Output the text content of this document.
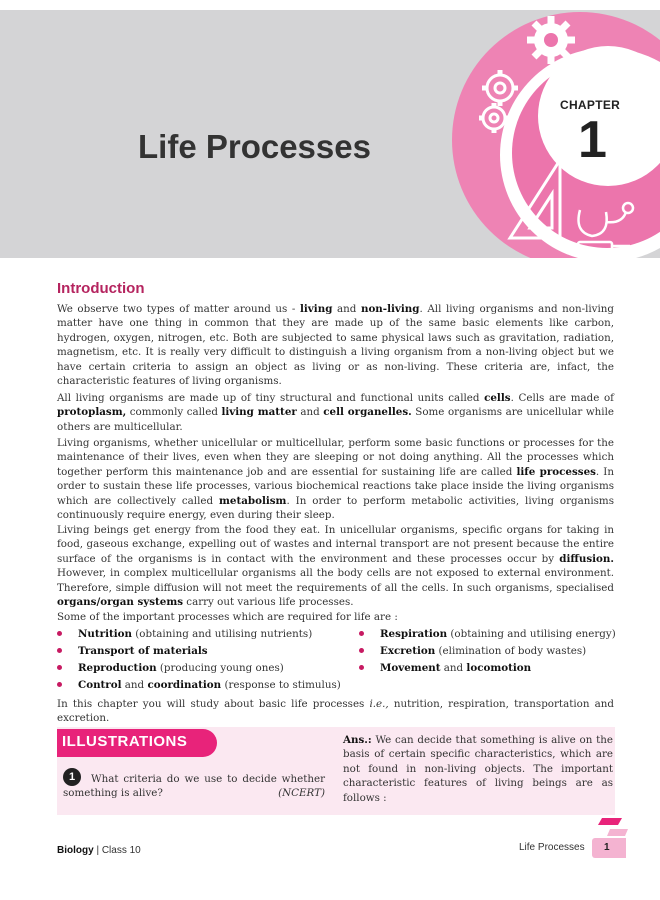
CHAPTER
1
Life Processes
Introduction
We observe two types of matter around us - living and non-living. All living organisms and non-living matter have one thing in common that they are made up of the same basic elements like carbon, hydrogen, oxygen, nitrogen, etc. Both are subjected to same physical laws such as gravitation, radiation, magnetism, etc. It is really very difficult to distinguish a living organism from a non-living object but we have certain criteria to assign an object as living or as non-living. These criteria are, infact, the characteristic features of living organisms.
All living organisms are made up of tiny structural and functional units called cells. Cells are made of protoplasm, commonly called living matter and cell organelles. Some organisms are unicellular while others are multicellular.
Living organisms, whether unicellular or multicellular, perform some basic functions or processes for the maintenance of their lives, even when they are sleeping or not doing anything. All the processes which together perform this maintenance job and are essential for sustaining life are called life processes. In order to sustain these life processes, various biochemical reactions take place inside the living organisms which are collectively called metabolism. In order to perform metabolic activities, living organisms continuously require energy, even during their sleep.
Living beings get energy from the food they eat. In unicellular organisms, specific organs for taking in food, gaseous exchange, expelling out of wastes and internal transport are not present because the entire surface of the organisms is in contact with the environment and these processes occur by diffusion. However, in complex multicellular organisms all the body cells are not exposed to external environment. Therefore, simple diffusion will not meet the requirements of all the cells. In such organisms, specialised organs/organ systems carry out various life processes.
Some of the important processes which are required for life are :
Nutrition (obtaining and utilising nutrients)	Respiration (obtaining and utilising energy)
Transport of materials	Excretion (elimination of body wastes)
Reproduction (producing young ones)	Movement and locomotion
Control and coordination (response to stimulus)
In this chapter you will study about basic life processes i.e., nutrition, respiration, transportation and excretion.
ILLUSTRATIONS
1	What criteria do we use to decide whether something is alive?	(NCERT)
Ans.: We can decide that something is alive on the basis of certain specific characteristics, which are not found in non-living objects. The important characteristic features of living beings are as follows :
Biology | Class 10	Life Processes 1
